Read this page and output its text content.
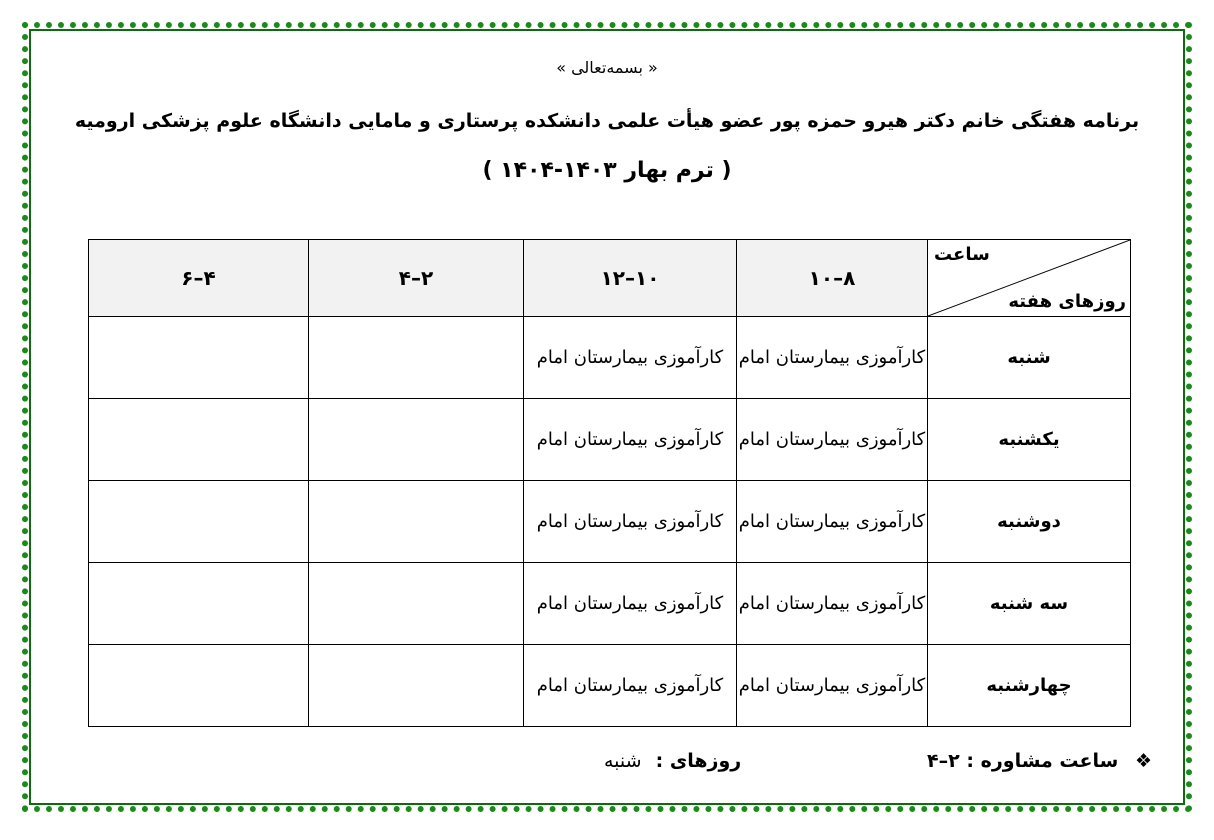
« بسمه‌تعالی »
برنامه هفتگی خانم دکتر هیرو حمزه پور عضو هیأت علمی دانشکده پرستاری و مامایی دانشگاه علوم پزشکی ارومیه
( ترم بهار ۱۴۰۳-۱۴۰۴ )
ساعت
روزهای هفته	۸–۱۰	۱۰–۱۲	۲–۴	۴–۶
شنبه	کارآموزی بیمارستان امام	کارآموزی بیمارستان امام		
یکشنبه	کارآموزی بیمارستان امام	کارآموزی بیمارستان امام		
دوشنبه	کارآموزی بیمارستان امام	کارآموزی بیمارستان امام		
سه شنبه	کارآموزی بیمارستان امام	کارآموزی بیمارستان امام		
چهارشنبه	کارآموزی بیمارستان امام	کارآموزی بیمارستان امام		
❖ ساعت مشاوره : ۲–۴
روزهای : شنبه
